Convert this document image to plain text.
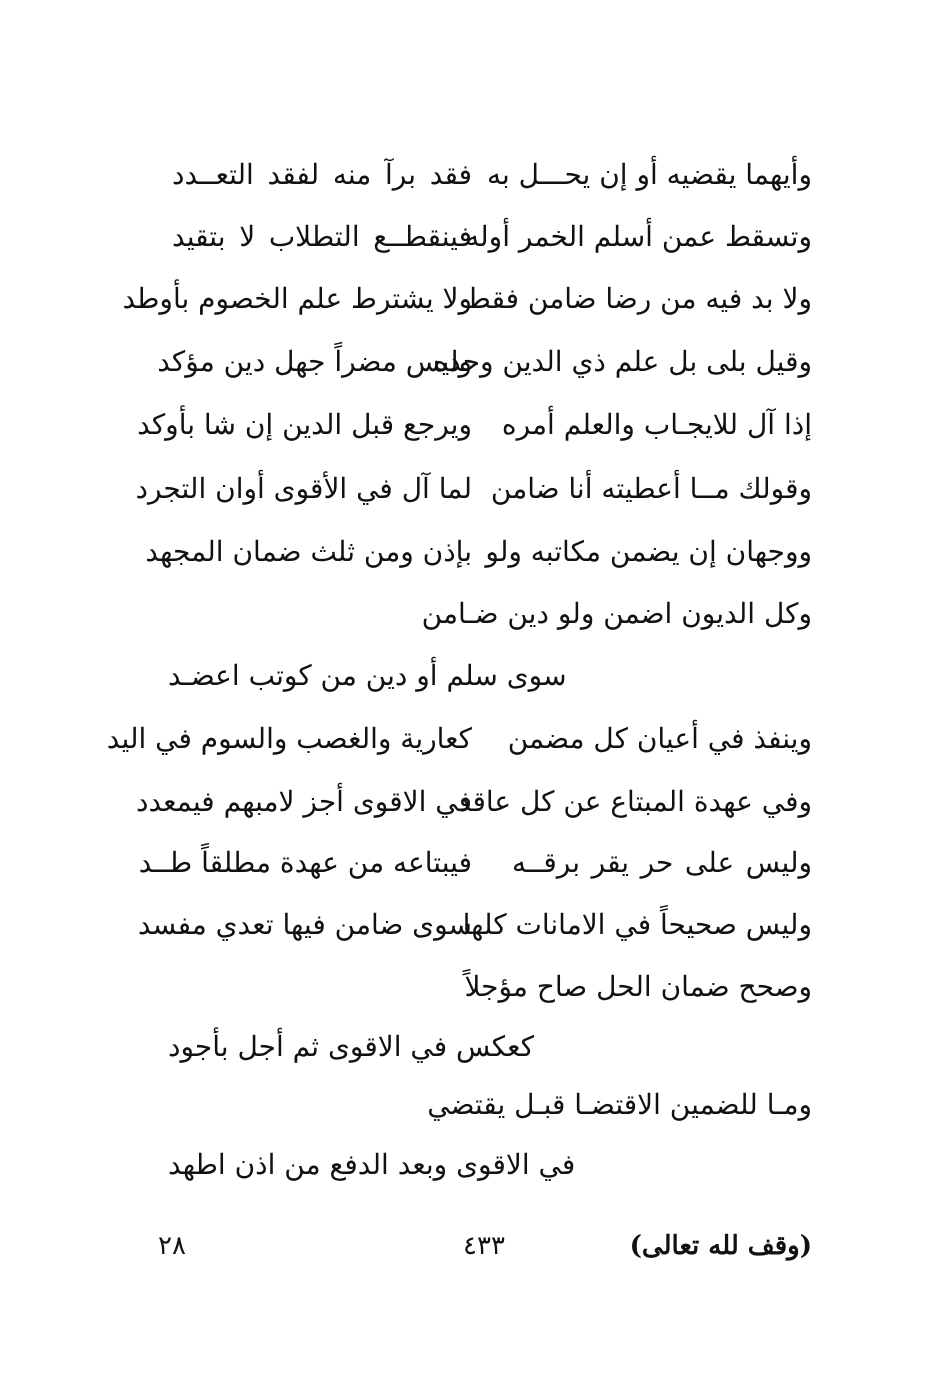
وأيهما يقضيه أو إن يحـــل به
فقد برآ منه لفقد التعــدد
وتسقط عمن أسلم الخمر أوله
فينقطــع التطلاب لا بتقيد
ولا بد فيه من رضا ضامن فقط
ولا يشترط علم الخصوم بأوطد
وقيل بلى بل علم ذي الدين وحده
وليس مضراً جهل دين مؤكد
إذا آل للايجـاب والعلم أمره
ويرجع قبل الدين إن شا بأوكد
وقولك مــا أعطيته أنا ضامن
لما آل في الأقوى أوان التجرد
ووجهان إن يضمن مكاتبه ولو
بإذن ومن ثلث ضمان المجهد
وكل الديون اضمن ولو دين ضـامن
سوى سلم أو دين من كوتب اعضـد
وينفذ في أعيان كل مضمن
كعارية والغصب والسوم في اليد
وفي عهدة المبتاع عن كل عاقد
في الاقوى أجز لامبهم فيمعدد
وليس على حر يقر برقــه
فيبتاعه من عهدة مطلقاً طــد
وليس صحيحاً في الامانات كلها
سوى ضامن فيها تعدي مفسد
وصحح ضمان الحل صاح مؤجلاً
كعكس في الاقوى ثم أجل بأجود
ومـا للضمين الاقتضـا قبـل يقتضي
في الاقوى وبعد الدفع من اذن اطهد
(وقف لله تعالى)
٤٣٣
٢٨
